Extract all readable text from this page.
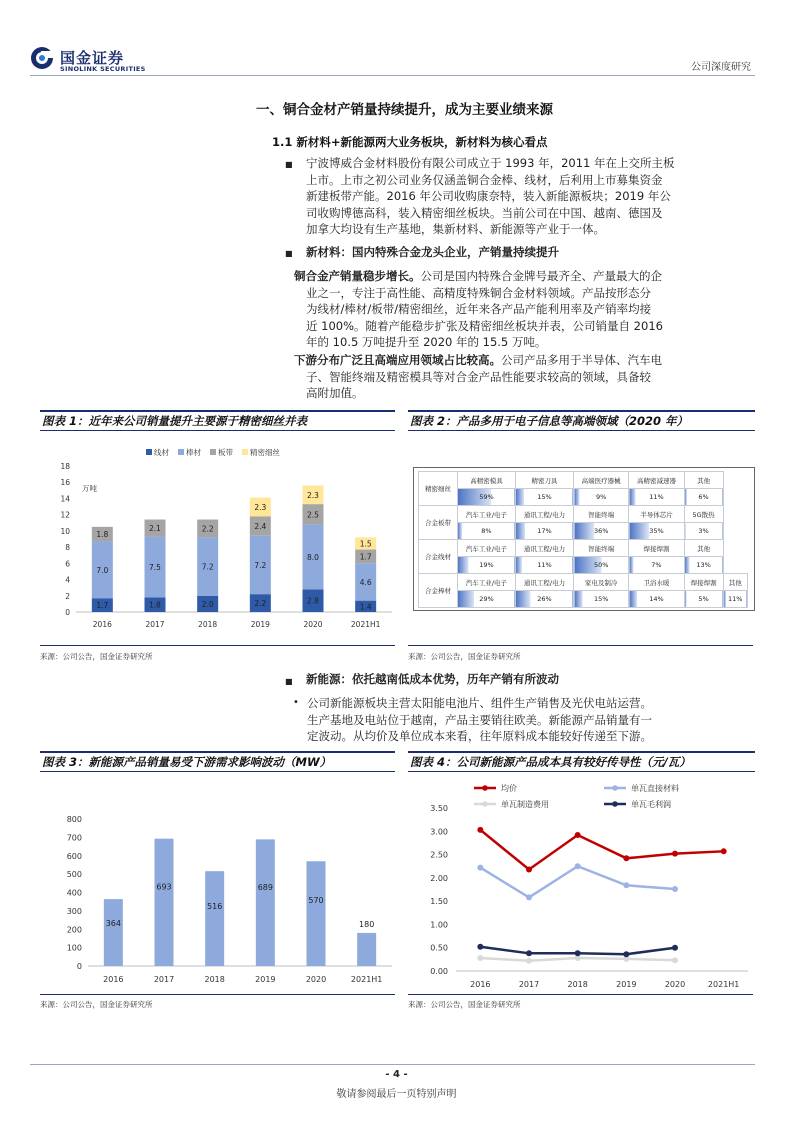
国金证券
SINOLINK SECURITIES	公司深度研究
一、铜合金材产销量持续提升，成为主要业绩来源
1.1 新材料+新能源两大业务板块，新材料为核心看点
■ 宁波博威合金材料股份有限公司成立于 1993 年，2011 年在上交所主板
上市。上市之初公司业务仅涵盖铜合金棒、线材，后利用上市募集资金
新建板带产能。2016 年公司收购康奈特，装入新能源板块；2019 年公
司收购博德高科，装入精密细丝板块。当前公司在中国、越南、德国及
加拿大均设有生产基地，集新材料、新能源等产业于一体。
■ 新材料：国内特殊合金龙头企业，产销量持续提升
铜合金产销量稳步增长。公司是国内特殊合金牌号最齐全、产量最大的企
业之一，专注于高性能、高精度特殊铜合金材料领域。产品按形态分
为线材/棒材/板带/精密细丝，近年来各产品产能利用率及产销率均接
近 100%。随着产能稳步扩张及精密细丝板块并表，公司销量自 2016
年的 10.5 万吨提升至 2020 年的 15.5 万吨。
下游分布广泛且高端应用领域占比较高。公司产品多用于半导体、汽车电
子、智能终端及精密模具等对合金产品性能要求较高的领域，具备较
高附加值。
图表 1：近年来公司销量提升主要源于精密细丝并表
线材 棒材 板带 精密细丝
0
2
4
6
8
10
12
14
16
18
万吨
1.7
7.0
1.8
2016
1.8
7.5
2.1
2017
2.0
7.2
2.2
2018
2.2
7.2
2.4
2.3
2019
2.8
8.0
2.5
2.3
2020
1.4
4.6
1.7
1.5
2021H1
来源：公司公告，国金证券研究所
图表 2：产品多用于电子信息等高端领域（2020 年）
精密细丝	高精密模具	精密刀具	高端医疗器械	高精密减速器	其他	
	59%	15%	9%	11%	6%	
合金板带	汽车工业/电子	通讯工程/电力	智能终端	半导体芯片	5G散热	
	8%	17%	36%	35%	3%	
合金线材	汽车工业/电子	通讯工程/电力	智能终端	焊接焊割	其他	
	19%	11%	50%	7%	13%	
合金棒材	汽车工业/电子	通讯工程/电力	家电及制冷	卫浴水暖	焊接焊割	其他
	29%	26%	15%	14%	5%	11%
来源：公司公告，国金证券研究所
■ 新能源：依托越南低成本优势，历年产销有所波动
• 公司新能源板块主营太阳能电池片、组件生产销售及光伏电站运营。
生产基地及电站位于越南，产品主要销往欧美。新能源产品销量有一
定波动。从均价及单位成本来看，往年原料成本能较好传递至下游。
图表 3：新能源产品销量易受下游需求影响波动（MW）
0
100
200
300
400
500
600
700
800
364
2016
693
2017
516
2018
689
2019
570
2020
180
2021H1
来源：公司公告，国金证券研究所
图表 4：公司新能源产品成本具有较好传导性（元/瓦）
均价	单瓦直接材料
单瓦制造费用	单瓦毛利润
0.00
0.50
1.00
1.50
2.00
2.50
3.00
3.50
2016	2017	2018	2019	2020	2021H1
来源：公司公告，国金证券研究所
- 4 -
敬请参阅最后一页特别声明
